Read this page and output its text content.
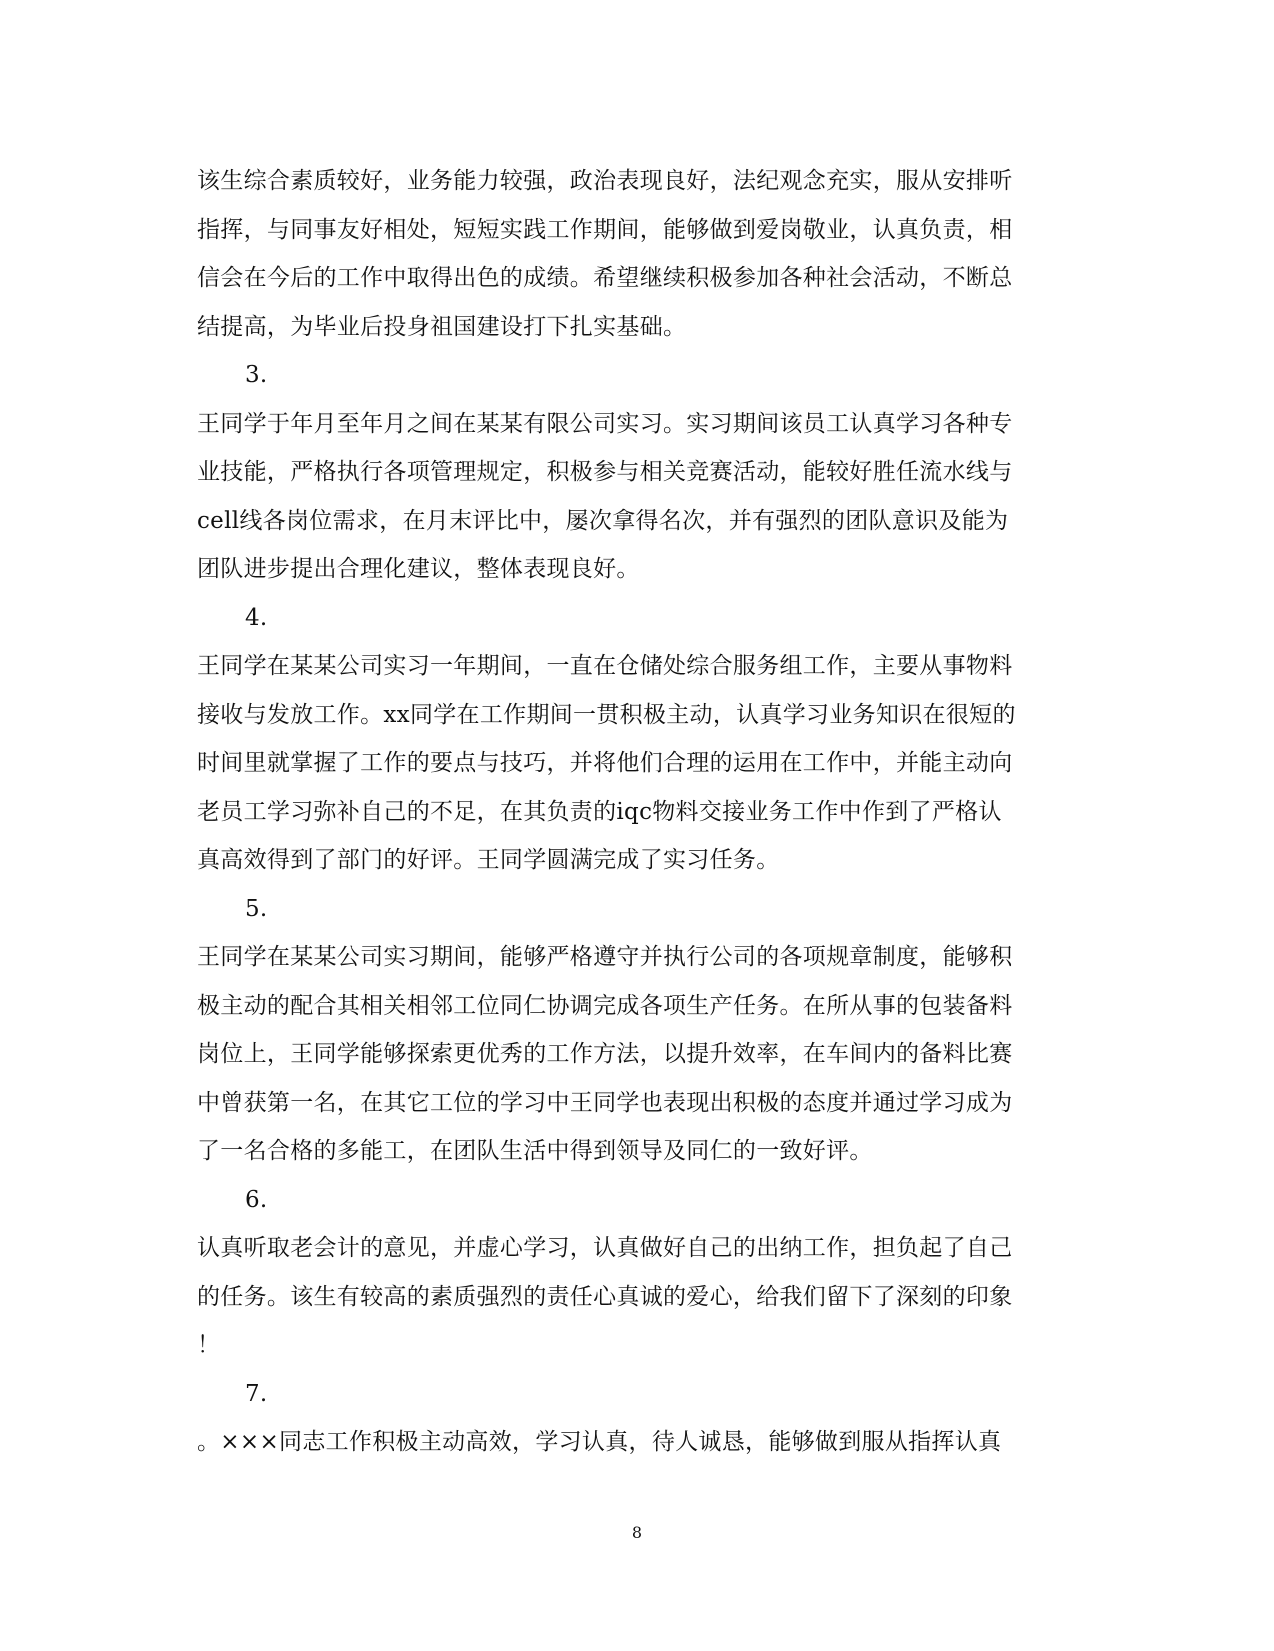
该生综合素质较好，业务能力较强，政治表现良好，法纪观念充实，服从安排听
指挥，与同事友好相处，短短实践工作期间，能够做到爱岗敬业，认真负责，相
信会在今后的工作中取得出色的成绩。希望继续积极参加各种社会活动，不断总
结提高，为毕业后投身祖国建设打下扎实基础。
3.
王同学于年月至年月之间在某某有限公司实习。实习期间该员工认真学习各种专
业技能，严格执行各项管理规定，积极参与相关竞赛活动，能较好胜任流水线与
cell线各岗位需求，在月末评比中，屡次拿得名次，并有强烈的团队意识及能为
团队进步提出合理化建议，整体表现良好。
4.
王同学在某某公司实习一年期间，一直在仓储处综合服务组工作，主要从事物料
接收与发放工作。xx同学在工作期间一贯积极主动，认真学习业务知识在很短的
时间里就掌握了工作的要点与技巧，并将他们合理的运用在工作中，并能主动向
老员工学习弥补自己的不足，在其负责的iqc物料交接业务工作中作到了严格认
真高效得到了部门的好评。王同学圆满完成了实习任务。
5.
王同学在某某公司实习期间，能够严格遵守并执行公司的各项规章制度，能够积
极主动的配合其相关相邻工位同仁协调完成各项生产任务。在所从事的包装备料
岗位上，王同学能够探索更优秀的工作方法，以提升效率，在车间内的备料比赛
中曾获第一名，在其它工位的学习中王同学也表现出积极的态度并通过学习成为
了一名合格的多能工，在团队生活中得到领导及同仁的一致好评。
6.
认真听取老会计的意见，并虚心学习，认真做好自己的出纳工作，担负起了自己
的任务。该生有较高的素质强烈的责任心真诚的爱心，给我们留下了深刻的印象
！
7.
。×××同志工作积极主动高效，学习认真，待人诚恳，能够做到服从指挥认真
8
